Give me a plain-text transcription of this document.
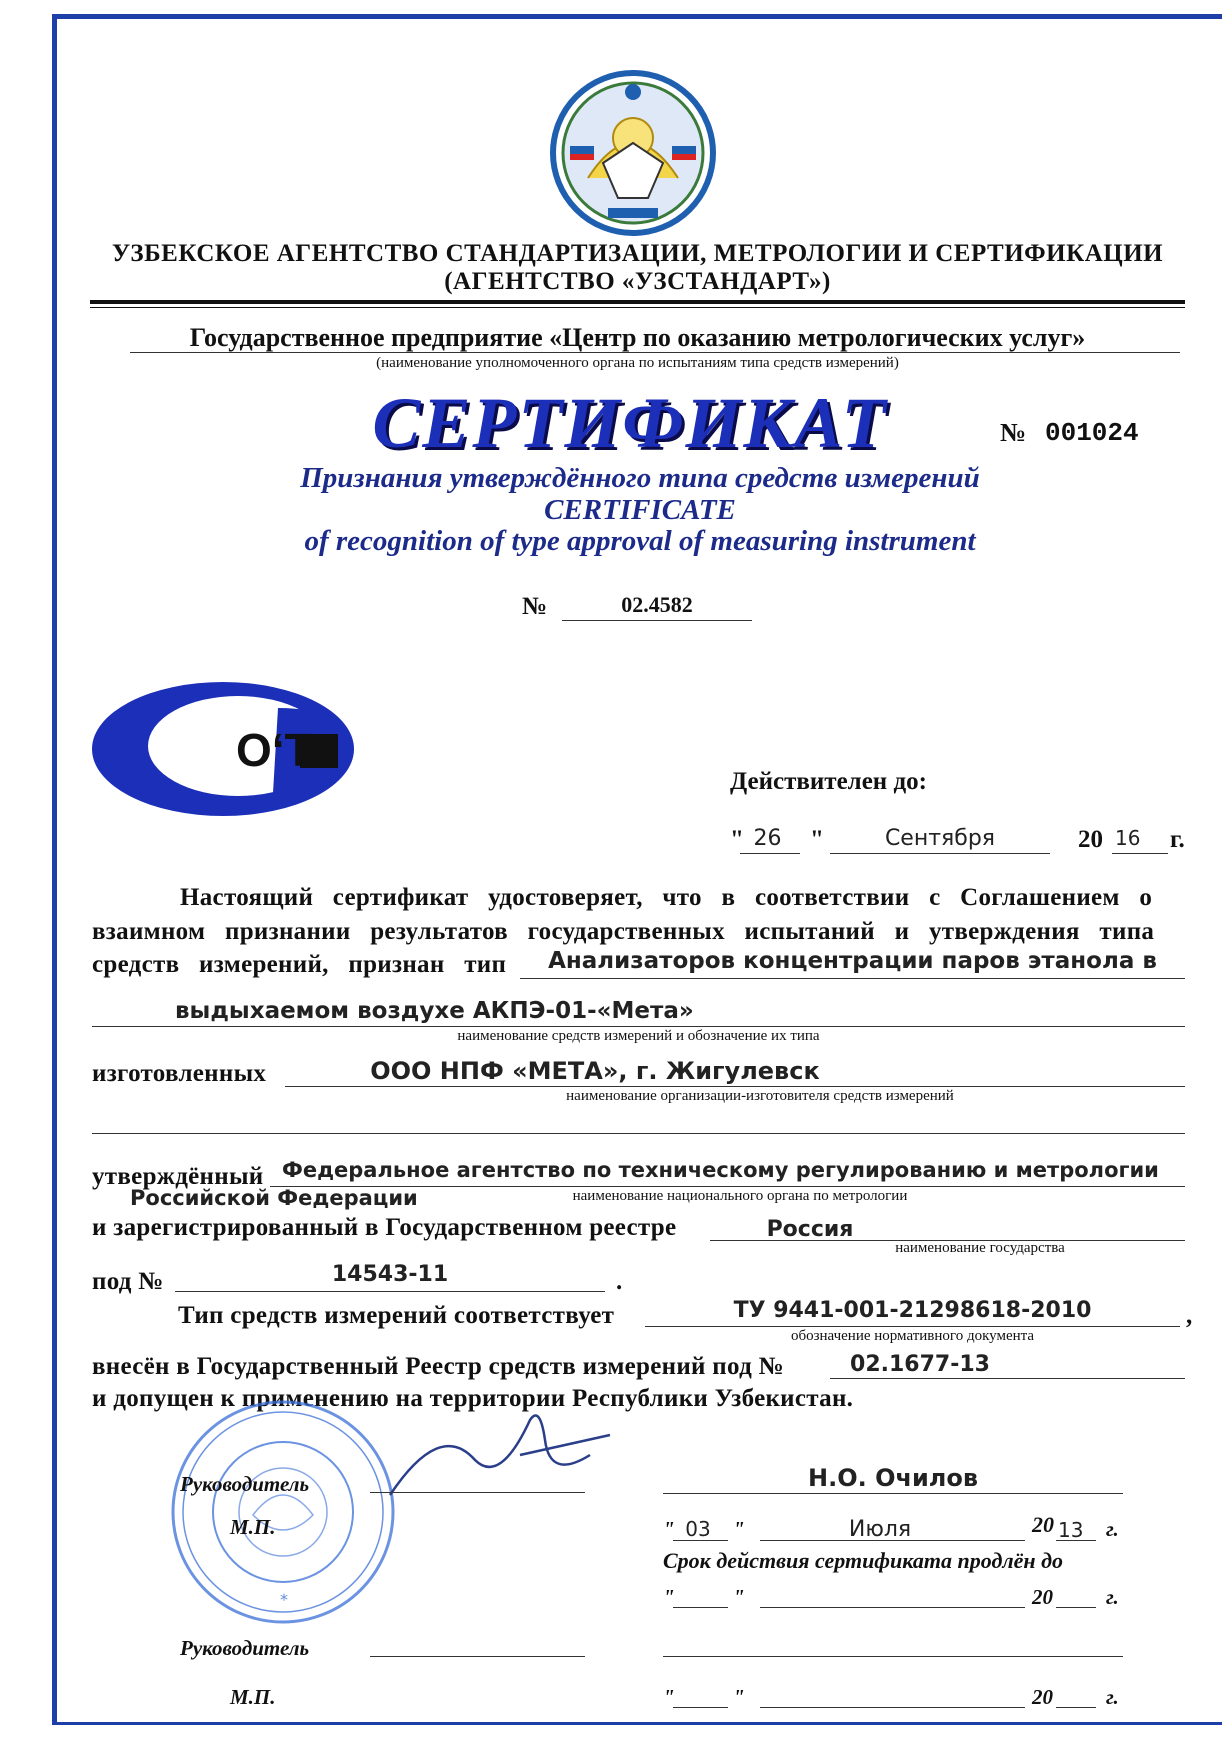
УЗБЕКСКОЕ АГЕНТСТВО СТАНДАРТИЗАЦИИ, МЕТРОЛОГИИ И СЕРТИФИКАЦИИ
(АГЕНТСТВО «УЗСТАНДАРТ»)
Государственное предприятие «Центр по оказанию метрологических услуг»
(наименование уполномоченного органа по испытаниям типа средств измерений)
СЕРТИФИКАТ	№ 001024
Признания утверждённого типа средств измерений
CERTIFICATE
of recognition of type approval of measuring instrument
№	02.4582
O‘T
Действителен до:
" 26	"	Сентября	20 16 г.
Настоящий   сертификат   удостоверяет,   что   в   соответствии   с   Соглашением   о
взаимном   признании   результатов   государственных   испытаний   и   утверждения   типа
средств   измерений,   признан   тип	Анализаторов концентрации паров этанола в
выдыхаемом воздухе АКПЭ-01-«Мета»
наименование средств измерений и обозначение их типа
изготовленных	ООО НПФ «МЕТА», г. Жигулевск
наименование организации-изготовителя средств измерений
утверждённый Федеральное агентство по техническому регулированию и метрологии
Российской Федерации	наименование национального органа по метрологии
и зарегистрированный в Государственном реестре	Россия
наименование государства
под №	14543-11	.
Тип средств измерений соответствует	ТУ 9441-001-21298618-2010
обозначение нормативного документа
,
внесён в Государственный Реестр средств измерений под №	02.1677-13
и допущен к применению на территории Республики Узбекистан.
*
Руководитель	Н.О. Очилов
М.П.	" 03	"	Июля	20 13 г.
Срок действия сертификата продлён до
"	"	20	г.
Руководитель
М.П.	"	"	20	г.
